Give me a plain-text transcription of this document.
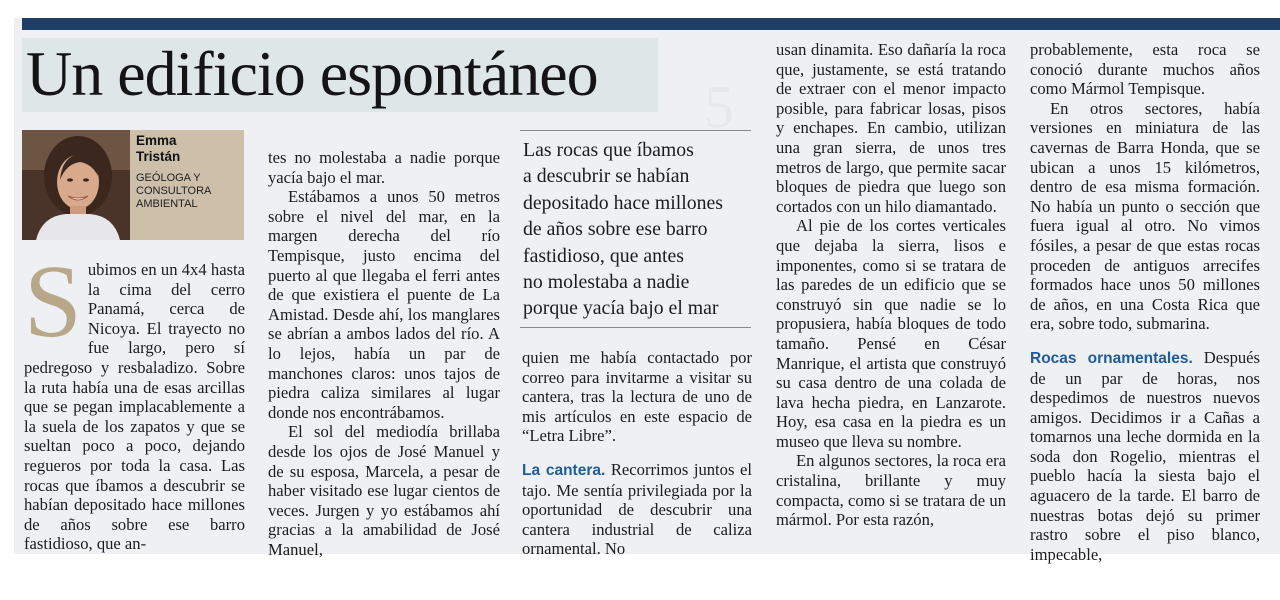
5
Un edificio espontáneo
Emma
Tristán
GEÓLOGA Y
CONSULTORA
AMBIENTAL
S ubimos en un 4x4 hasta la cima del cerro Panamá, cerca de Nicoya. El trayecto no fue largo, pero sí pedregoso y resbaladizo. Sobre la ruta había una de esas arcillas que se pegan implacablemente a la suela de los zapatos y que se sueltan poco a poco, dejando regueros por toda la casa. Las rocas que íbamos a descubrir se habían depositado hace millones de años sobre ese barro fastidioso, que an-

tes no molestaba a nadie porque yacía bajo el mar.

Estábamos a unos 50 metros sobre el nivel del mar, en la margen derecha del río Tempisque, justo encima del puerto al que llegaba el ferri antes de que existiera el puente de La Amistad. Desde ahí, los manglares se abrían a ambos lados del río. A lo lejos, había un par de manchones claros: unos tajos de piedra caliza similares al lugar donde nos encontrábamos.

El sol del mediodía brillaba desde los ojos de José Manuel y de su esposa, Marcela, a pesar de haber visitado ese lugar cientos de veces. Jurgen y yo estábamos ahí gracias a la amabilidad de José Manuel,

Las rocas que íbamos
a descubrir se habían
depositado hace millones
de años sobre ese barro
fastidioso, que antes
no molestaba a nadie
porque yacía bajo el mar

quien me había contactado por correo para invitarme a visitar su cantera, tras la lectura de uno de mis artículos en este espacio de “Letra Libre”.

La cantera. Recorrimos juntos el tajo. Me sentía privilegiada por la oportunidad de descubrir una cantera industrial de caliza ornamental. No

usan dinamita. Eso dañaría la roca que, justamente, se está tratando de extraer con el menor impacto posible, para fabricar losas, pisos y enchapes. En cambio, utilizan una gran sierra, de unos tres metros de largo, que permite sacar bloques de piedra que luego son cortados con un hilo diamantado.

Al pie de los cortes verticales que dejaba la sierra, lisos e imponentes, como si se tratara de las paredes de un edificio que se construyó sin que nadie se lo propusiera, había bloques de todo tamaño. Pensé en César Manrique, el artista que construyó su casa dentro de una colada de lava hecha piedra, en Lanzarote. Hoy, esa casa en la piedra es un museo que lleva su nombre.

En algunos sectores, la roca era cristalina, brillante y muy compacta, como si se tratara de un mármol. Por esta razón,

probablemente, esta roca se conoció durante muchos años como Mármol Tempisque.

En otros sectores, había versiones en miniatura de las cavernas de Barra Honda, que se ubican a unos 15 kilómetros, dentro de esa misma formación. No había un punto o sección que fuera igual al otro. No vimos fósiles, a pesar de que estas rocas proceden de antiguos arrecifes formados hace unos 50 millones de años, en una Costa Rica que era, sobre todo, submarina.

Rocas ornamentales. Después de un par de horas, nos despedimos de nuestros nuevos amigos. Decidimos ir a Cañas a tomarnos una leche dormida en la soda don Rogelio, mientras el pueblo hacía la siesta bajo el aguacero de la tarde. El barro de nuestras botas dejó su primer rastro sobre el piso blanco, impecable,
